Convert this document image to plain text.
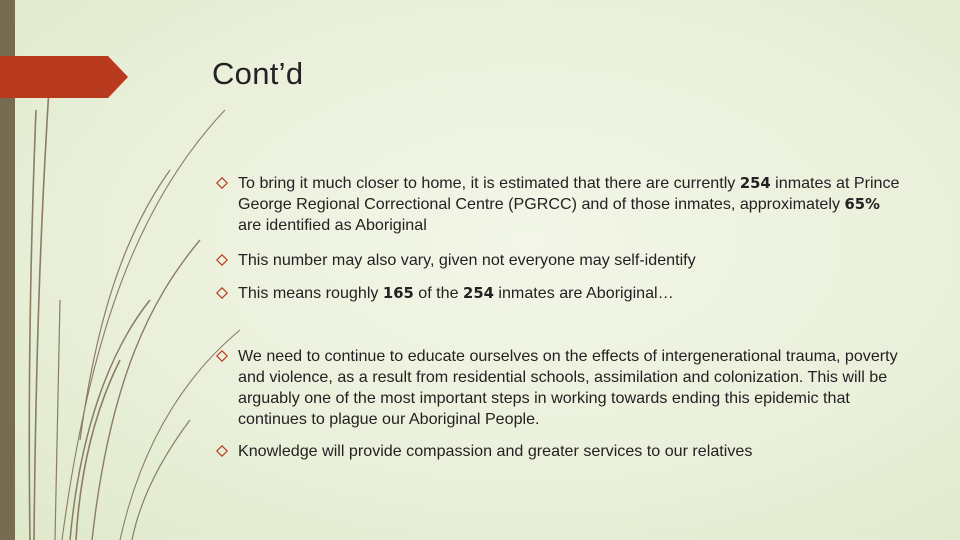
Cont’d
To bring it much closer to home, it is estimated that there are currently 254 inmates at Prince George Regional Correctional Centre (PGRCC) and of those inmates, approximately 65% are identified as Aboriginal
This number may also vary, given not everyone may self-identify
This means roughly 165 of the 254 inmates are Aboriginal…
We need to continue to educate ourselves on the effects of intergenerational trauma, poverty and violence, as a result from residential schools, assimilation and colonization. This will be arguably one of the most important steps in working towards ending this epidemic that continues to plague our Aboriginal People.
Knowledge will provide compassion and greater services to our relatives
